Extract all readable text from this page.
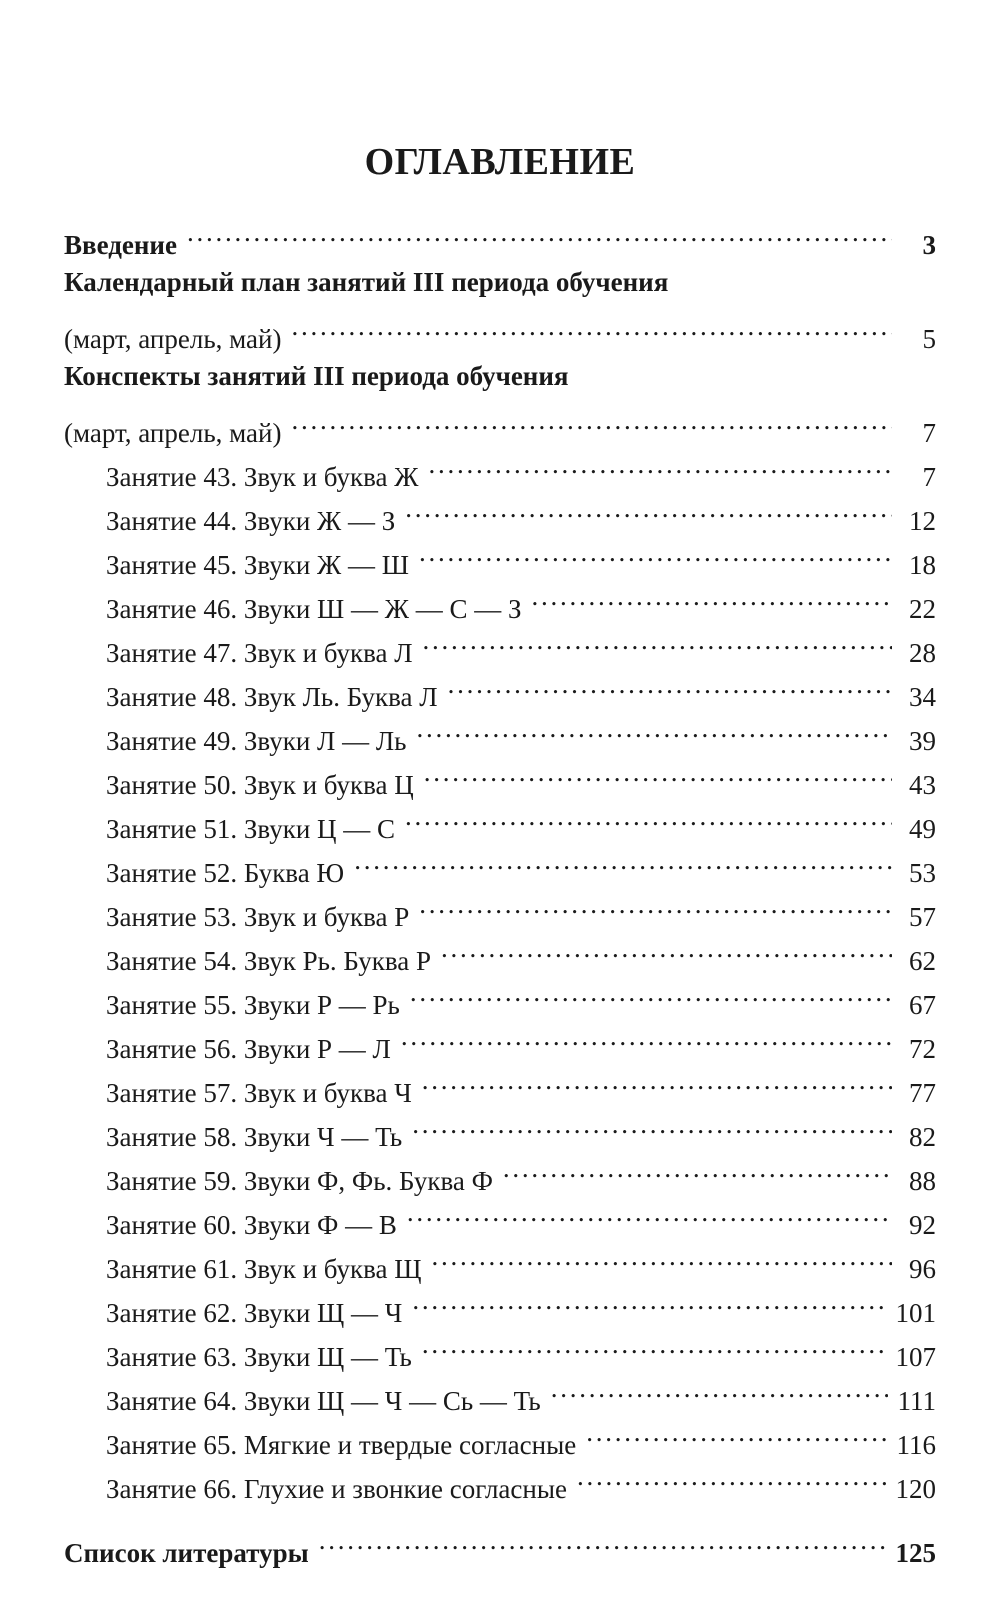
ОГЛАВЛЕНИЕ
Введение . . .	3
Календарный план занятий III периода обучения
(март, апрель, май) . . .	5
Конспекты занятий III периода обучения
(март, апрель, май) . . .	7
Занятие 43. Звук и буква Ж . . .	7
Занятие 44. Звуки Ж — З . . .	12
Занятие 45. Звуки Ж — Ш . . .	18
Занятие 46. Звуки Ш — Ж — С — З . . .	22
Занятие 47. Звук и буква Л . . .	28
Занятие 48. Звук Ль. Буква Л . . .	34
Занятие 49. Звуки Л — Ль . . .	39
Занятие 50. Звук и буква Ц . . .	43
Занятие 51. Звуки Ц — С . . .	49
Занятие 52. Буква Ю . . .	53
Занятие 53. Звук и буква Р . . .	57
Занятие 54. Звук Рь. Буква Р . . .	62
Занятие 55. Звуки Р — Рь . . .	67
Занятие 56. Звуки Р — Л . . .	72
Занятие 57. Звук и буква Ч . . .	77
Занятие 58. Звуки Ч — Ть . . .	82
Занятие 59. Звуки Ф, Фь. Буква Ф . . .	88
Занятие 60. Звуки Ф — В . . .	92
Занятие 61. Звук и буква Щ . . .	96
Занятие 62. Звуки Щ — Ч . . .	101
Занятие 63. Звуки Щ — Ть . . .	107
Занятие 64. Звуки Щ — Ч — Сь — Ть . . .	111
Занятие 65. Мягкие и твердые согласные . . .	116
Занятие 66. Глухие и звонкие согласные . . .	120
Список литературы . . .	125
